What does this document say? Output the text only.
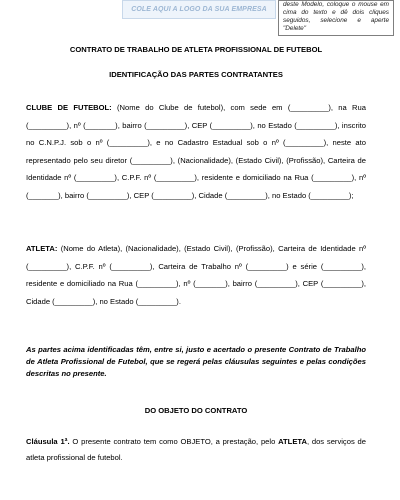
COLE AQUI A LOGO DA SUA EMPRESA
deste Modelo, coloque o mouse em cima do texto e dê dois cliques seguidos, selecione e aperte "Delete"
CONTRATO DE TRABALHO DE ATLETA PROFISSIONAL DE FUTEBOL
IDENTIFICAÇÃO DAS PARTES CONTRATANTES
CLUBE DE FUTEBOL: (Nome do Clube de futebol), com sede em (_________), na Rua (_________), nº (_______), bairro (_________), CEP (_________), no Estado (_________), inscrito no C.N.P.J. sob o nº (_________), e no Cadastro Estadual sob o nº (_________), neste ato representado pelo seu diretor (_________), (Nacionalidade), (Estado Civil), (Profissão), Carteira de Identidade nº (_________), C.P.F. nº (_________), residente e domiciliado na Rua (_________), nº (_______), bairro (_________), CEP (_________), Cidade (_________), no Estado (_________);
ATLETA: (Nome do Atleta), (Nacionalidade), (Estado Civil), (Profissão), Carteira de Identidade nº (_________), C.P.F. nº (_________), Carteira de Trabalho nº (_________) e série (_________), residente e domiciliado na Rua (_________), nº (_______), bairro (_________), CEP (_________), Cidade (_________), no Estado (_________).
As partes acima identificadas têm, entre si, justo e acertado o presente Contrato de Trabalho de Atleta Profissional de Futebol, que se regerá pelas cláusulas seguintes e pelas condições descritas no presente.
DO OBJETO DO CONTRATO
Cláusula 1ª. O presente contrato tem como OBJETO, a prestação, pelo ATLETA, dos serviços de atleta profissional de futebol.
